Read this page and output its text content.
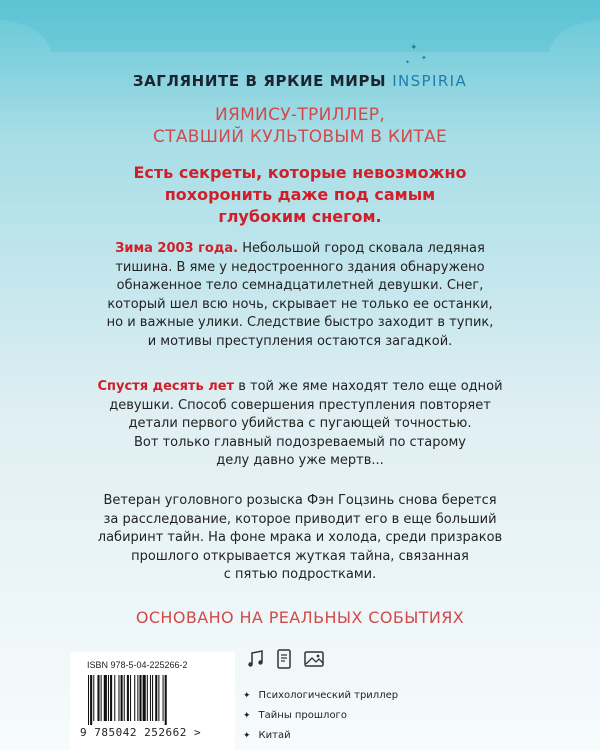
✦
✦
✦
ЗАГЛЯНИТЕ В ЯРКИЕ МИРЫ INSPIRIA
ИЯМИСУ-ТРИЛЛЕР,
СТАВШИЙ КУЛЬТОВЫМ В КИТАЕ
Есть секреты, которые невозможно
похоронить даже под самым
глубоким снегом.
Зима 2003 года. Небольшой город сковала ледяная
тишина. В яме у недостроенного здания обнаружено
обнаженное тело семнадцатилетней девушки. Снег,
который шел всю ночь, скрывает не только ее останки,
но и важные улики. Следствие быстро заходит в тупик,
и мотивы преступления остаются загадкой.
Спустя десять лет в той же яме находят тело еще одной
девушки. Способ совершения преступления повторяет
детали первого убийства с пугающей точностью.
Вот только главный подозреваемый по старому
делу давно уже мертв...
Ветеран уголовного розыска Фэн Гоцзинь снова берется
за расследование, которое приводит его в еще больший
лабиринт тайн. На фоне мрака и холода, среди призраков
прошлого открывается жуткая тайна, связанная
с пятью подростками.
ОСНОВАНО НА РЕАЛЬНЫХ СОБЫТИЯХ
ISBN 978-5-04-225266-2
9 785042 252662 >
✦ Психологический триллер
✦ Тайны прошлого
✦ Китай
